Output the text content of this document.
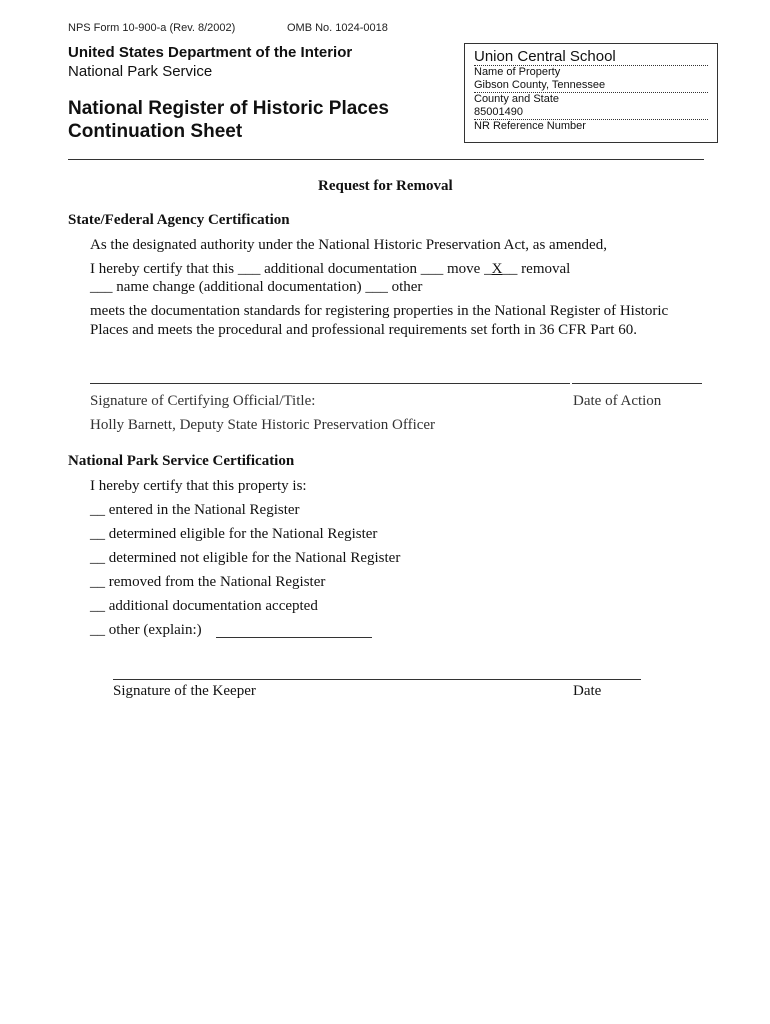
NPS Form 10-900-a (Rev. 8/2002)	OMB No. 1024-0018
United States Department of the Interior
National Park Service
National Register of Historic Places
Continuation Sheet
Union Central School
Name of Property
Gibson County, Tennessee
County and State
85001490
NR Reference Number
Request for Removal
State/Federal Agency Certification
As the designated authority under the National Historic Preservation Act, as amended,
I hereby certify that this ___ additional documentation ___ move _X__ removal
___ name change (additional documentation) ___ other
meets the documentation standards for registering properties in the National Register of Historic
Places and meets the procedural and professional requirements set forth in 36 CFR Part 60.
Signature of Certifying Official/Title:	Date of Action
Holly Barnett, Deputy State Historic Preservation Officer
National Park Service Certification
I hereby certify that this property is:
__ entered in the National Register
__ determined eligible for the National Register
__ determined not eligible for the National Register
__ removed from the National Register
__ additional documentation accepted
__ other (explain:)
Signature of the Keeper	Date
